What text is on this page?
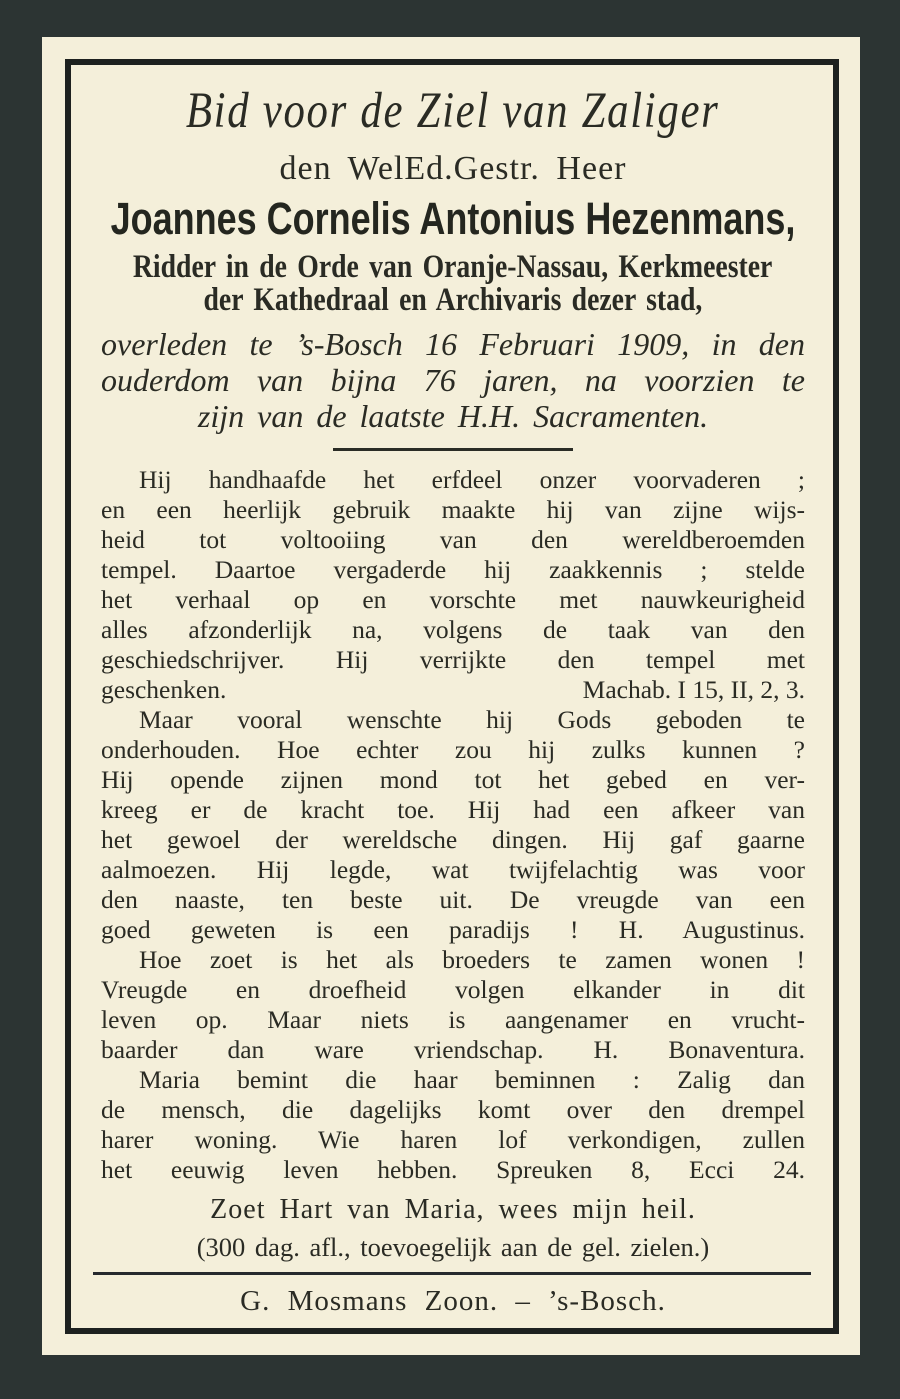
Bid voor de Ziel van Zaliger
den WelEd.Gestr. Heer
Joannes Cornelis Antonius Hezenmans,
Ridder in de Orde van Oranje-Nassau, Kerkmeester
der Kathedraal en Archivaris dezer stad,
overleden te ’s-Bosch 16 Februari 1909, in den
ouderdom van bijna 76 jaren, na voorzien te
zijn van de laatste H.H. Sacramenten.
Hij handhaafde het erfdeel onzer voorvaderen ;
en een heerlijk gebruik maakte hij van zijne wijs-
heid tot voltooiing van den wereldberoemden
tempel. Daartoe vergaderde hij zaakkennis ; stelde
het verhaal op en vorschte met nauwkeurigheid
alles afzonderlijk na, volgens de taak van den
geschiedschrijver. Hij verrijkte den tempel met
geschenken.	Machab. I 15, II, 2, 3.
Maar vooral wenschte hij Gods geboden te
onderhouden. Hoe echter zou hij zulks kunnen ?
Hij opende zijnen mond tot het gebed en ver-
kreeg er de kracht toe. Hij had een afkeer van
het gewoel der wereldsche dingen. Hij gaf gaarne
aalmoezen. Hij legde, wat twijfelachtig was voor
den naaste, ten beste uit. De vreugde van een
goed geweten is een paradijs ! H. Augustinus.
Hoe zoet is het als broeders te zamen wonen !
Vreugde en droefheid volgen elkander in dit
leven op. Maar niets is aangenamer en vrucht-
baarder dan ware vriendschap. H. Bonaventura.
Maria bemint die haar beminnen : Zalig dan
de mensch, die dagelijks komt over den drempel
harer woning. Wie haren lof verkondigen, zullen
het eeuwig leven hebben. Spreuken 8, Ecci 24.
Zoet Hart van Maria, wees mijn heil.
(300 dag. afl., toevoegelijk aan de gel. zielen.)
G. Mosmans Zoon. – ’s-Bosch.
